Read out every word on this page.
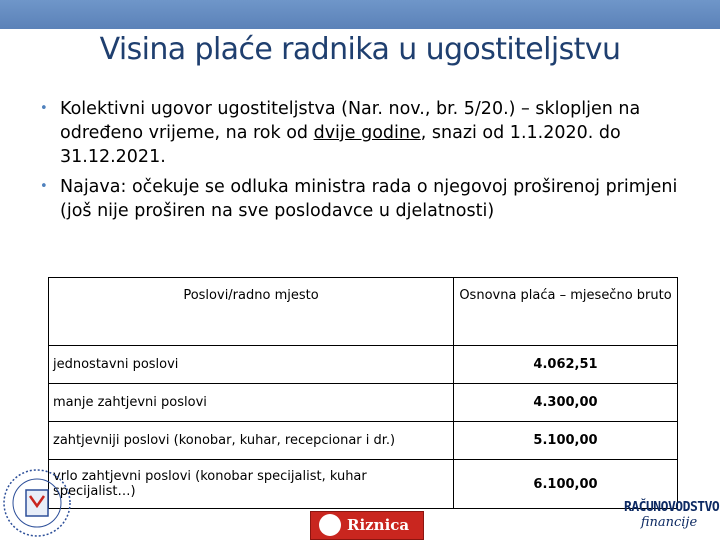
Visina plaće radnika u ugostiteljstvu
• Kolektivni ugovor ugostiteljstva (Nar. nov., br. 5/20.) – sklopljen na određeno vrijeme, na rok od dvije godine, snazi od 1.1.2020. do 31.12.2021.
• Najava: očekuje se odluka ministra rada o njegovoj proširenoj primjeni (još nije proširen na sve poslodavce u djelatnosti)
Poslovi/radno mjesto	Osnovna plaća – mjesečno bruto
jednostavni poslovi	4.062,51
manje zahtjevni poslovi	4.300,00
zahtjevniji poslovi (konobar, kuhar, recepcionar i dr.)	5.100,00
vrlo zahtjevni poslovi (konobar specijalist, kuhar specijalist…)	6.100,00
Riznica
RAČUNOVODSTVO
financije
